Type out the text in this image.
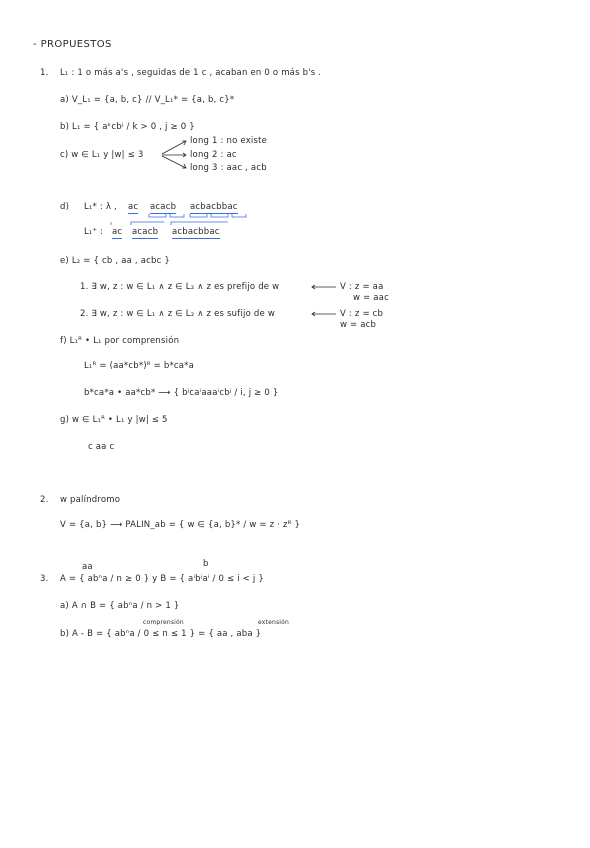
- PROPUESTOS
1. L₁ : 1 o más a's , seguidas de 1 c , acaban en 0 o más b's .
a) V_L₁ = {a, b, c} // V_L₁* = {a, b, c}*
b) L₁ = { aᵏcbʲ / k > 0 , j ≥ 0 }
c) w ∈ L₁ y |w| ≤ 3
long 1 : no existe
long 2 : ac
long 3 : aac , acb
d) L₁* : λ , ac acacb acbacbbac
L₁⁺ : ac acacb acbacbbac
e) L₂ = { cb , aa , acbc }
1. ∃ w, z : w ∈ L₁ ∧ z ∈ L₂ ∧ z es prefijo de w	V : z = aa
w = aac
2. ∃ w, z : w ∈ L₁ ∧ z ∈ L₂ ∧ z es sufijo de w	V : z = cb
w = acb
f) L₁ᴿ • L₁ por comprensión
L₁ᴿ = (aa*cb*)ᴿ = b*ca*a
b*ca*a • aa*cb* ⟶ { bʲcaⁱaaaⁱcbʲ / i, j ≥ 0 }
g) w ∈ L₁ᴿ • L₁ y |w| ≤ 5
c aa c
2. w palíndromo
V = {a, b} ⟶ PALIN_ab = { w ∈ {a, b}* / w = z · zᴿ }
aa	b
3. A = { abⁿa / n ≥ 0 } y B = { aⁱbʲaⁱ / 0 ≤ i < j }
a) A ∩ B = { abⁿa / n > 1 }
comprensión	extensión
b) A - B = { abⁿa / 0 ≤ n ≤ 1 } = { aa , aba }
